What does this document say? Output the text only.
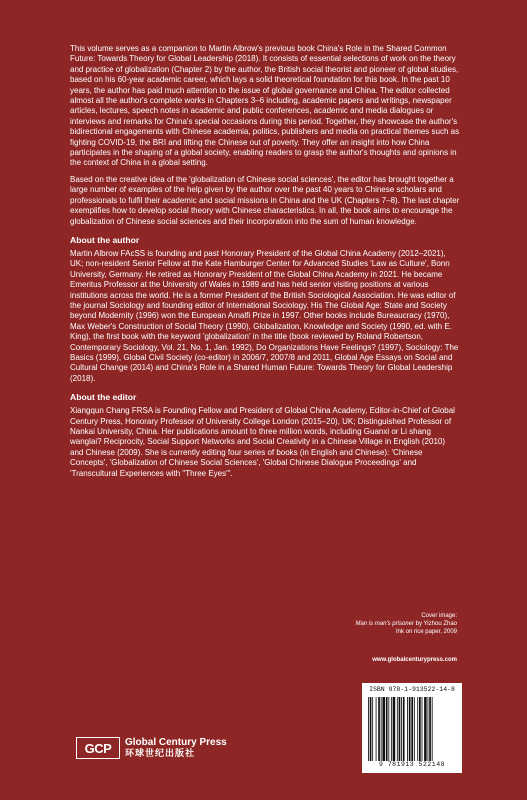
This volume serves as a companion to Martin Albrow's previous book China's Role in the Shared Common Future: Towards Theory for Global Leadership (2018). It consists of essential selections of work on the theory and practice of globalization (Chapter 2) by the author, the British social theorist and pioneer of global studies, based on his 60-year academic career, which lays a solid theoretical foundation for this book. In the past 10 years, the author has paid much attention to the issue of global governance and China. The editor collected almost all the author's complete works in Chapters 3–6 including, academic papers and writings, newspaper articles, lectures, speech notes in academic and public conferences, academic and media dialogues or interviews and remarks for China's special occasions during this period. Together, they showcase the author's bidirectional engagements with Chinese academia, politics, publishers and media on practical themes such as fighting COVID-19, the BRI and lifting the Chinese out of poverty. They offer an insight into how China participates in the shaping of a global society, enabling readers to grasp the author's thoughts and opinions in the context of China in a global setting.

Based on the creative idea of the 'globalization of Chinese social sciences', the editor has brought together a large number of examples of the help given by the author over the past 40 years to Chinese scholars and professionals to fulfil their academic and social missions in China and the UK (Chapters 7–8). The last chapter exemplifies how to develop social theory with Chinese characteristics. In all, the book aims to encourage the globalization of Chinese social sciences and their incorporation into the sum of human knowledge.

About the author

Martin Albrow FAcSS is founding and past Honorary President of the Global China Academy (2012–2021), UK; non-resident Senior Fellow at the Kate Hamburger Center for Advanced Studies 'Law as Culture', Bonn University, Germany. He retired as Honorary President of the Global China Academy in 2021. He became Emeritus Professor at the University of Wales in 1989 and has held senior visiting positions at various institutions across the world. He is a former President of the British Sociological Association. He was editor of the journal Sociology and founding editor of International Sociology. His The Global Age: State and Society beyond Modernity (1996) won the European Amalfi Prize in 1997. Other books include Bureaucracy (1970), Max Weber's Construction of Social Theory (1990), Globalization, Knowledge and Society (1990, ed. with E. King), the first book with the keyword 'globalization' in the title (book reviewed by Roland Robertson, Contemporary Sociology, Vol. 21, No. 1, Jan. 1992), Do Organizations Have Feelings? (1997), Sociology: The Basics (1999), Global Civil Society (co-editor) in 2006/7, 2007/8 and 2011, Global Age Essays on Social and Cultural Change (2014) and China's Role in a Shared Human Future: Towards Theory for Global Leadership (2018).

About the editor

Xiangqun Chang FRSA is Founding Fellow and President of Global China Academy, Editor-in-Chief of Global Century Press, Honorary Professor of University College London (2015–20), UK; Distinguished Professor of Nankai University, China. Her publications amount to three million words, including Guanxi or Li shang wanglai? Reciprocity, Social Support Networks and Social Creativity in a Chinese Village in English (2010) and Chinese (2009). She is currently editing four series of books (in English and Chinese): 'Chinese Concepts', 'Globalization of Chinese Social Sciences', 'Global Chinese Dialogue Proceedings' and 'Transcultural Experiences with "Three Eyes"'.

Cover image:
Man is man's prisoner by Yizhou Zhao
Ink on rice paper, 2009
www.globalcenturypress.com
ISBN 978-1-913522-14-8
9 781913 522148
GCP	Global Century Press
环球世纪出版社
